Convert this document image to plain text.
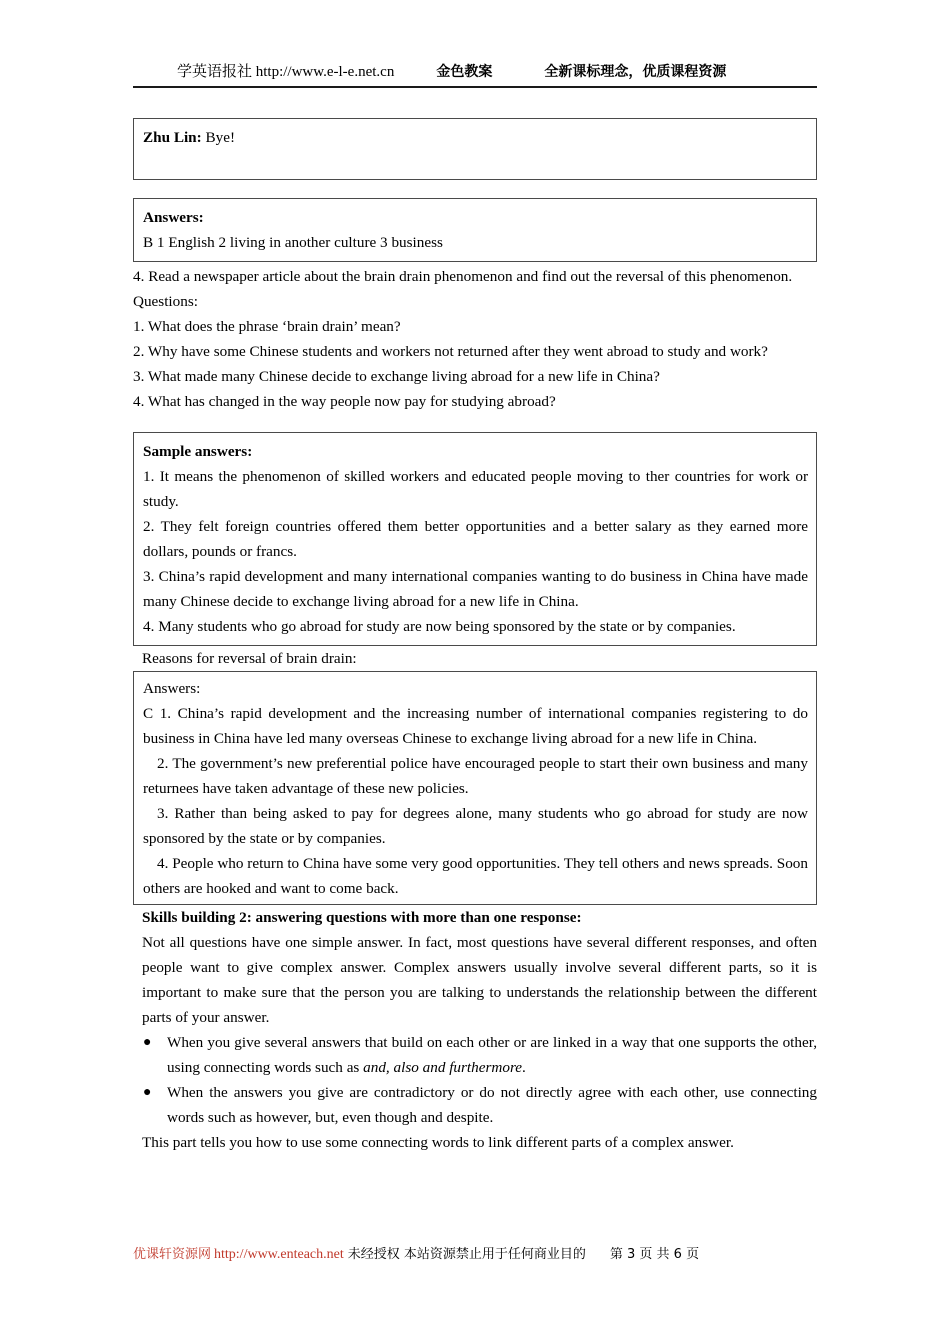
学英语报社 http://www.e-l-e.net.cn	金色教案	全新课标理念，优质课程资源

Zhu Lin: Bye!

Answers:

B 1 English 2 living in another culture 3 business

4. Read a newspaper article about the brain drain phenomenon and find out the reversal of this phenomenon.

Questions:

1. What does the phrase ‘brain drain’ mean?

2. Why have some Chinese students and workers not returned after they went abroad to study and work?

3. What made many Chinese decide to exchange living abroad for a new life in China?

4. What has changed in the way people now pay for studying abroad?

Sample answers:

1. It means the phenomenon of skilled workers and educated people moving to ther countries for work or study.

2. They felt foreign countries offered them better opportunities and a better salary as they earned more dollars, pounds or francs.

3. China’s rapid development and many international companies wanting to do business in China have made many Chinese decide to exchange living abroad for a new life in China.

4. Many students who go abroad for study are now being sponsored by the state or by companies.

Reasons for reversal of brain drain:

Answers:

C 1. China’s rapid development and the increasing number of international companies registering to do business in China have led many overseas Chinese to exchange living abroad for a new life in China.

2. The government’s new preferential police have encouraged people to start their own business and many returnees have taken advantage of these new policies.

3. Rather than being asked to pay for degrees alone, many students who go abroad for study are now sponsored by the state or by companies.

4. People who return to China have some very good opportunities. They tell others and news spreads. Soon others are hooked and want to come back.

Skills building 2: answering questions with more than one response:

Not all questions have one simple answer. In fact, most questions have several different responses, and often people want to give complex answer. Complex answers usually involve several different parts, so it is important to make sure that the person you are talking to understands the relationship between the different parts of your answer.

●	When you give several answers that build on each other or are linked in a way that one supports the other, using connecting words such as and, also and furthermore.
●	When the answers you give are contradictory or do not directly agree with each other, use connecting words such as however, but, even though and despite.

This part tells you how to use some connecting words to link different parts of a complex answer.

优课轩资源网 http://www.enteach.net 未经授权 本站资源禁止用于任何商业目的	第 3 页 共 6 页
